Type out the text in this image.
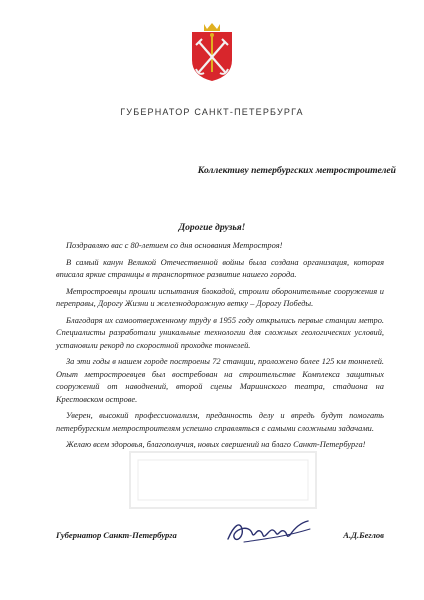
ГУБЕРНАТОР САНКТ-ПЕТЕРБУРГА
Коллективу петербургских метростроителей
Дорогие друзья!

Поздравляю вас с 80-летием со дня основания Метростроя!

В самый канун Великой Отечественной войны была создана организация, которая вписала яркие страницы в транспортное развитие нашего города.

Метростроевцы прошли испытания блокадой, строили оборонительные сооружения и переправы, Дорогу Жизни и железнодорожную ветку – Дорогу Победы.

Благодаря их самоотверженному труду в 1955 году открылись первые станции метро. Специалисты разработали уникальные технологии для сложных геологических условий, установили рекорд по скоростной проходке тоннелей.

За эти годы в нашем городе построены 72 станции, проложено более 125 км тоннелей. Опыт метростроевцев был востребован на строительстве Комплекса защитных сооружений от наводнений, второй сцены Мариинского театра, стадиона на Крестовском острове.

Уверен, высокий профессионализм, преданность делу и впредь будут помогать петербургским метростроителям успешно справляться с самыми сложными задачами.

Желаю всем здоровья, благополучия, новых свершений на благо Санкт-Петербурга!

Губернатор Санкт-Петербурга	А.Д.Беглов
